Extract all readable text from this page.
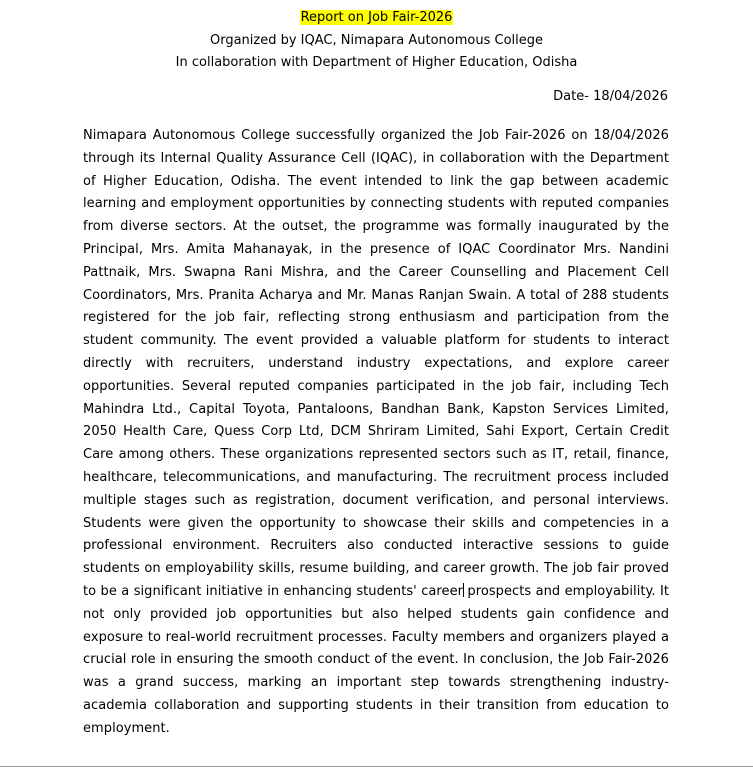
Report on Job Fair-2026
Organized by IQAC, Nimapara Autonomous College
In collaboration with Department of Higher Education, Odisha
Date- 18/04/2026
Nimapara Autonomous College successfully organized the Job Fair-2026 on 18/04/2026 through its Internal Quality Assurance Cell (IQAC), in collaboration with the Department of Higher Education, Odisha. The event intended to link the gap between academic learning and employment opportunities by connecting students with reputed companies from diverse sectors. At the outset, the programme was formally inaugurated by the Principal, Mrs. Amita Mahanayak, in the presence of IQAC Coordinator Mrs. Nandini Pattnaik, Mrs. Swapna Rani Mishra, and the Career Counselling and Placement Cell Coordinators, Mrs. Pranita Acharya and Mr. Manas Ranjan Swain. A total of 288 students registered for the job fair, reflecting strong enthusiasm and participation from the student community. The event provided a valuable platform for students to interact directly with recruiters, understand industry expectations, and explore career opportunities. Several reputed companies participated in the job fair, including Tech Mahindra Ltd., Capital Toyota, Pantaloons, Bandhan Bank, Kapston Services Limited, 2050 Health Care, Quess Corp Ltd, DCM Shriram Limited, Sahi Export, Certain Credit Care among others. These organizations represented sectors such as IT, retail, finance, healthcare, telecommunications, and manufacturing. The recruitment process included multiple stages such as registration, document verification, and personal interviews. Students were given the opportunity to showcase their skills and competencies in a professional environment. Recruiters also conducted interactive sessions to guide students on employability skills, resume building, and career growth. The job fair proved to be a significant initiative in enhancing students' career prospects and employability. It not only provided job opportunities but also helped students gain confidence and exposure to real-world recruitment processes. Faculty members and organizers played a crucial role in ensuring the smooth conduct of the event. In conclusion, the Job Fair-2026 was a grand success, marking an important step towards strengthening industry-academia collaboration and supporting students in their transition from education to employment.
